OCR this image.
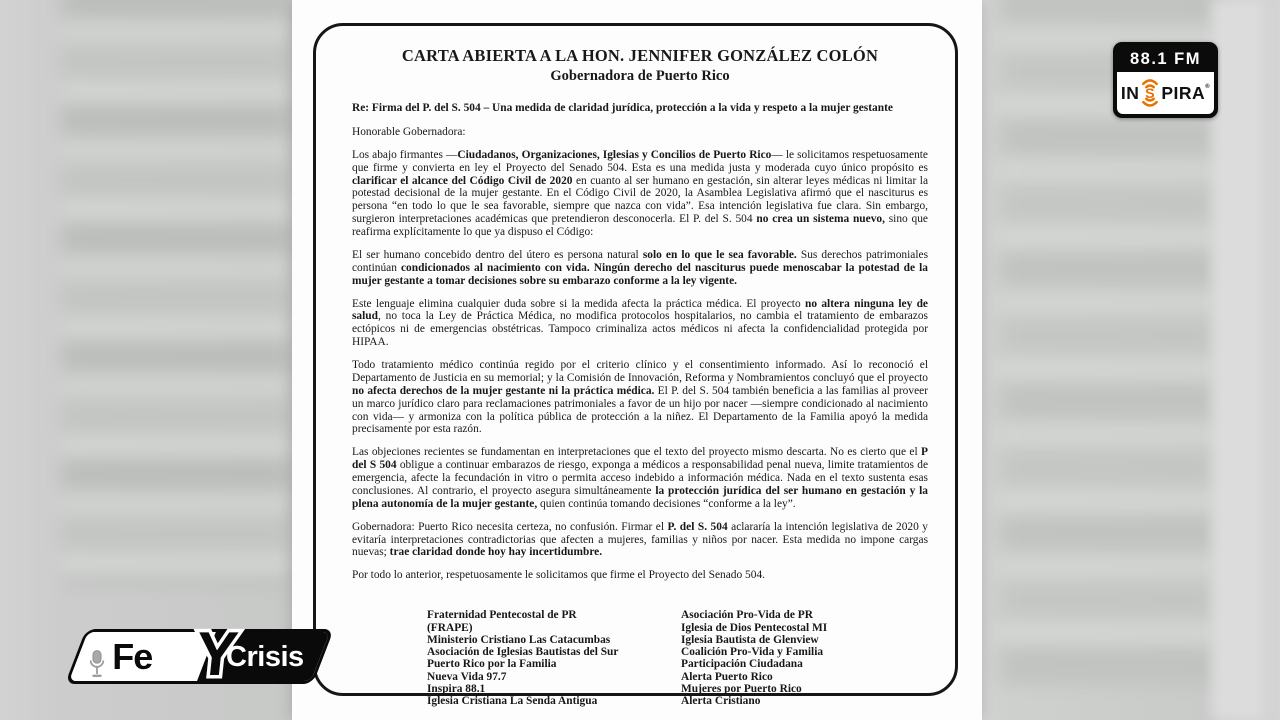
CARTA ABIERTA A LA HON. JENNIFER GONZÁLEZ COLÓN
Gobernadora de Puerto Rico

Re: Firma del P. del S. 504 – Una medida de claridad jurídica, protección a la vida y respeto a la mujer gestante

Honorable Gobernadora:

Los abajo firmantes —Ciudadanos, Organizaciones, Iglesias y Concilios de Puerto Rico— le solicitamos respetuosamente que firme y convierta en ley el Proyecto del Senado 504. Esta es una medida justa y moderada cuyo único propósito es clarificar el alcance del Código Civil de 2020 en cuanto al ser humano en gestación, sin alterar leyes médicas ni limitar la potestad decisional de la mujer gestante. En el Código Civil de 2020, la Asamblea Legislativa afirmó que el nasciturus es persona “en todo lo que le sea favorable, siempre que nazca con vida”. Esa intención legislativa fue clara. Sin embargo, surgieron interpretaciones académicas que pretendieron desconocerla. El P. del S. 504 no crea un sistema nuevo, sino que reafirma explícitamente lo que ya dispuso el Código:

El ser humano concebido dentro del útero es persona natural solo en lo que le sea favorable. Sus derechos patrimoniales continúan condicionados al nacimiento con vida. Ningún derecho del nasciturus puede menoscabar la potestad de la mujer gestante a tomar decisiones sobre su embarazo conforme a la ley vigente.

Este lenguaje elimina cualquier duda sobre si la medida afecta la práctica médica. El proyecto no altera ninguna ley de salud, no toca la Ley de Práctica Médica, no modifica protocolos hospitalarios, no cambia el tratamiento de embarazos ectópicos ni de emergencias obstétricas. Tampoco criminaliza actos médicos ni afecta la confidencialidad protegida por HIPAA.

Todo tratamiento médico continúa regido por el criterio clínico y el consentimiento informado. Así lo reconoció el Departamento de Justicia en su memorial; y la Comisión de Innovación, Reforma y Nombramientos concluyó que el proyecto no afecta derechos de la mujer gestante ni la práctica médica. El P. del S. 504 también beneficia a las familias al proveer un marco jurídico claro para reclamaciones patrimoniales a favor de un hijo por nacer —siempre condicionado al nacimiento con vida— y armoniza con la política pública de protección a la niñez. El Departamento de la Familia apoyó la medida precisamente por esta razón.

Las objeciones recientes se fundamentan en interpretaciones que el texto del proyecto mismo descarta. No es cierto que el P del S 504 obligue a continuar embarazos de riesgo, exponga a médicos a responsabilidad penal nueva, limite tratamientos de emergencia, afecte la fecundación in vitro o permita acceso indebido a información médica. Nada en el texto sustenta esas conclusiones. Al contrario, el proyecto asegura simultáneamente la protección jurídica del ser humano en gestación y la plena autonomía de la mujer gestante, quien continúa tomando decisiones “conforme a la ley”.

Gobernadora: Puerto Rico necesita certeza, no confusión. Firmar el P. del S. 504 aclararía la intención legislativa de 2020 y evitaría interpretaciones contradictorias que afecten a mujeres, familias y niños por nacer. Esta medida no impone cargas nuevas; trae claridad donde hoy hay incertidumbre.

Por todo lo anterior, respetuosamente le solicitamos que firme el Proyecto del Senado 504.

Fraternidad Pentecostal de PR
(FRAPE)
Ministerio Cristiano Las Catacumbas
Asociación de Iglesias Bautistas del Sur
Puerto Rico por la Familia
Nueva Vida 97.7
Inspira 88.1
Iglesia Cristiana La Senda Antigua
Asociación Pro-Vida de PR
Iglesia de Dios Pentecostal MI
Iglesia Bautista de Glenview
Coalición Pro-Vida y Familia
Participación Ciudadana
Alerta Puerto Rico
Mujeres por Puerto Rico
Alerta Cristiano
88.1 FM
IN S PIRA®
Fe	Crisis
Y
